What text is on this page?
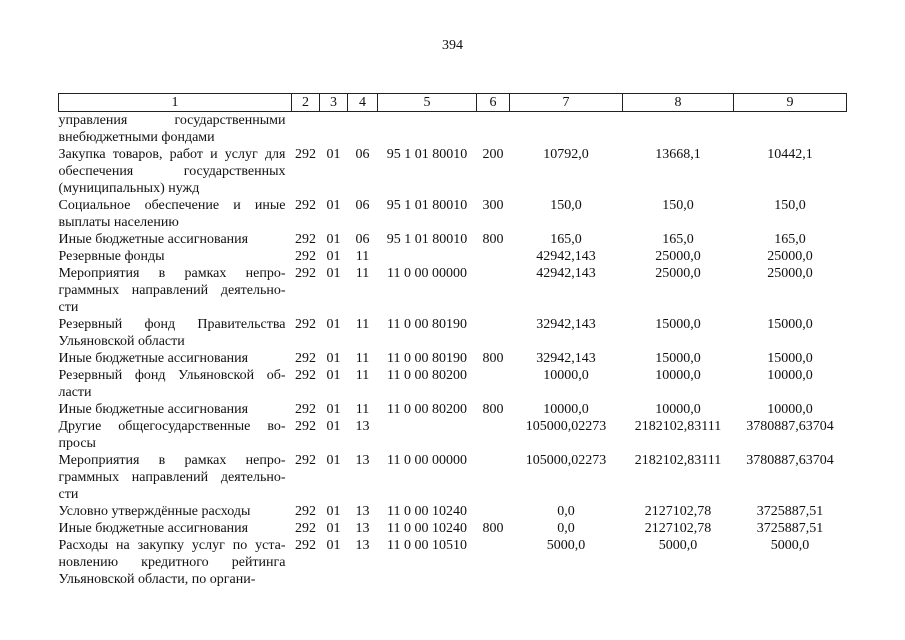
394
1	2	3	4	5	6	7	8	9

управления государственными
внебюджетными фондами								

Закупка товаров, работ и услуг для
обеспечения государственных
(муниципальных) нужд	292	01	06	95 1 01 80010	200	10792,0	13668,1	10442,1

Социальное обеспечение и иные
выплаты населению	292	01	06	95 1 01 80010	300	150,0	150,0	150,0

Иные бюджетные ассигнования	292	01	06	95 1 01 80010	800	165,0	165,0	165,0

Резервные фонды	292	01	11			42942,143	25000,0	25000,0

Мероприятия в рамках непро-
граммных направлений деятельно-
сти	292	01	11	11 0 00 00000		42942,143	25000,0	25000,0

Резервный фонд Правительства
Ульяновской области	292	01	11	11 0 00 80190		32942,143	15000,0	15000,0

Иные бюджетные ассигнования	292	01	11	11 0 00 80190	800	32942,143	15000,0	15000,0

Резервный фонд Ульяновской об-
ласти	292	01	11	11 0 00 80200		10000,0	10000,0	10000,0

Иные бюджетные ассигнования	292	01	11	11 0 00 80200	800	10000,0	10000,0	10000,0

Другие общегосударственные во-
просы	292	01	13			105000,02273	2182102,83111	3780887,63704

Мероприятия в рамках непро-
граммных направлений деятельно-
сти	292	01	13	11 0 00 00000		105000,02273	2182102,83111	3780887,63704

Условно утверждённые расходы	292	01	13	11 0 00 10240		0,0	2127102,78	3725887,51

Иные бюджетные ассигнования	292	01	13	11 0 00 10240	800	0,0	2127102,78	3725887,51

Расходы на закупку услуг по уста-
новлению кредитного рейтинга
Ульяновской области, по органи-	292	01	13	11 0 00 10510		5000,0	5000,0	5000,0
